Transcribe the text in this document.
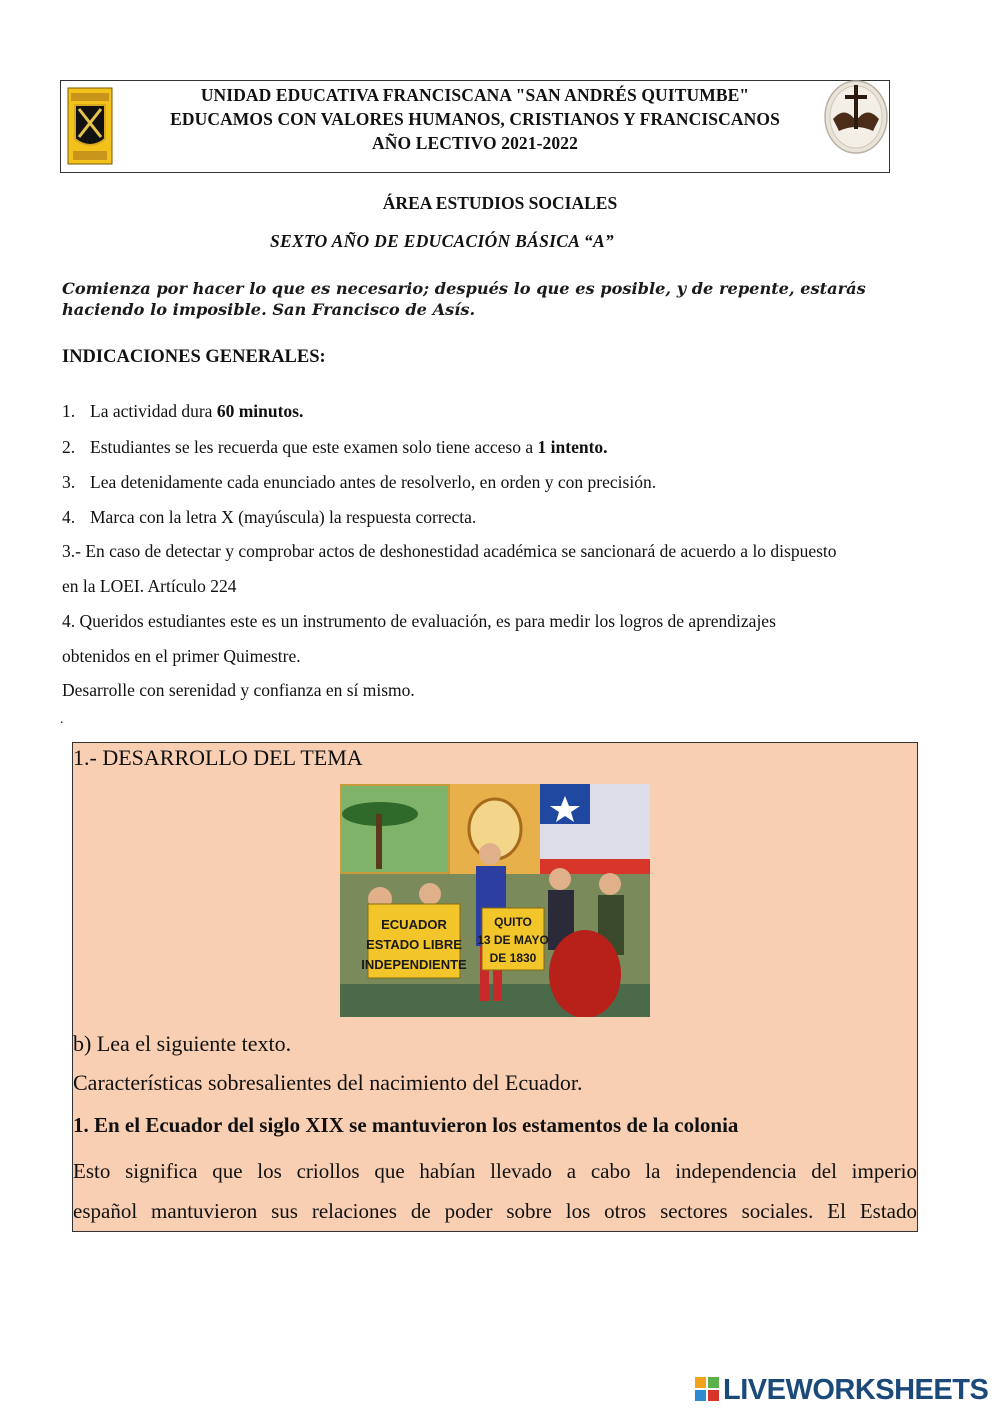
UNIDAD EDUCATIVA FRANCISCANA "SAN ANDRÉS QUITUMBE"
EDUCAMOS CON VALORES HUMANOS, CRISTIANOS Y FRANCISCANOS
AÑO LECTIVO 2021-2022
ÁREA ESTUDIOS SOCIALES
SEXTO AÑO DE EDUCACIÓN BÁSICA “A”
Comienza por hacer lo que es necesario; después lo que es posible, y de repente, estarás haciendo lo imposible. San Francisco de Asís.
INDICACIONES GENERALES:
1. La actividad dura 60 minutos.
2. Estudiantes se les recuerda que este examen solo tiene acceso a 1 intento.
3. Lea detenidamente cada enunciado antes de resolverlo, en orden y con precisión.
4. Marca con la letra X (mayúscula) la respuesta correcta.
3.- En caso de detectar y comprobar actos de deshonestidad académica se sancionará de acuerdo a lo dispuesto
en la LOEI. Artículo 224
4. Queridos estudiantes este es un instrumento de evaluación, es para medir los logros de aprendizajes
obtenidos en el primer Quimestre.
Desarrolle con serenidad y confianza en sí mismo.
.
1.- DESARROLLO DEL TEMA
ECUADOR
ESTADO LIBRE
INDEPENDIENTE
QUITO
13 DE MAYO
DE 1830
b) Lea el siguiente texto.
Características sobresalientes del nacimiento del Ecuador.
1. En el Ecuador del siglo XIX se mantuvieron los estamentos de la colonia
Esto significa que los criollos que habían llevado a cabo la independencia del imperio
español mantuvieron sus relaciones de poder sobre los otros sectores sociales. El Estado
LIVEWORKSHEETS
